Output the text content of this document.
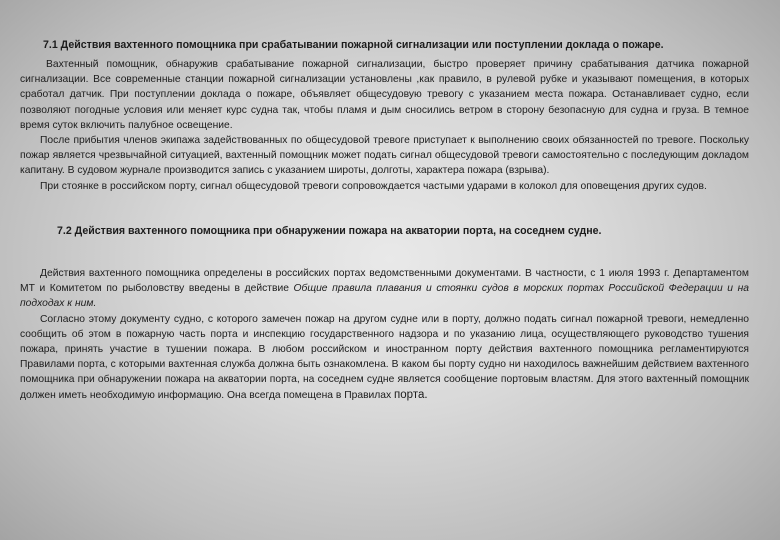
7.1 Действия вахтенного помощника при срабатывании пожарной сигнализации или поступлении доклада о пожаре.

Вахтенный помощник, обнаружив срабатывание пожарной сигнализации, быстро проверяет причину срабатывания датчика пожарной сигнализации. Все современные станции пожарной сигнализации установлены ,как правило, в рулевой рубке и указывают помещения, в которых сработал датчик. При поступлении доклада о пожаре, объявляет общесудовую тревогу с указанием места пожара. Останавливает судно, если позволяют погодные условия или меняет курс судна так, чтобы пламя и дым сносились ветром в сторону безопасную для судна и груза. В темное время суток включить палубное освещение.

После прибытия членов экипажа задействованных по общесудовой тревоге приступает к выполнению своих обязанностей по тревоге. Поскольку пожар является чрезвычайной ситуацией, вахтенный помощник может подать сигнал общесудовой тревоги самостоятельно с последующим докладом капитану. В судовом журнале производится запись с указанием широты, долготы, характера пожара (взрыва).

При стоянке в российском порту, сигнал общесудовой тревоги сопровождается частыми ударами в колокол для оповещения других судов.

7.2 Действия вахтенного помощника при обнаружении пожара на акватории порта, на соседнем судне.

Действия вахтенного помощника определены в российских портах ведомственными документами. В частности, с 1 июля 1993 г. Департаментом МТ и Комитетом по рыболовству введены в действие Общие правила плавания и стоянки судов в морских портах Российской Федерации и на подходах к ним.

Согласно этому документу судно, с которого замечен пожар на другом судне или в порту, должно подать сигнал пожарной тревоги, немедленно сообщить об этом в пожарную часть порта и инспекцию государственного надзора и по указанию лица, осуществляющего руководство тушения пожара, принять участие в тушении пожара. В любом российском и иностранном порту действия вахтенного помощника регламентируются Правилами порта, с которыми вахтенная служба должна быть ознакомлена. В каком бы порту судно ни находилось важнейшим действием вахтенного помощника при обнаружении пожара на акватории порта, на соседнем судне является сообщение портовым властям. Для этого вахтенный помощник должен иметь необходимую информацию. Она всегда помещена в Правилах порта.
